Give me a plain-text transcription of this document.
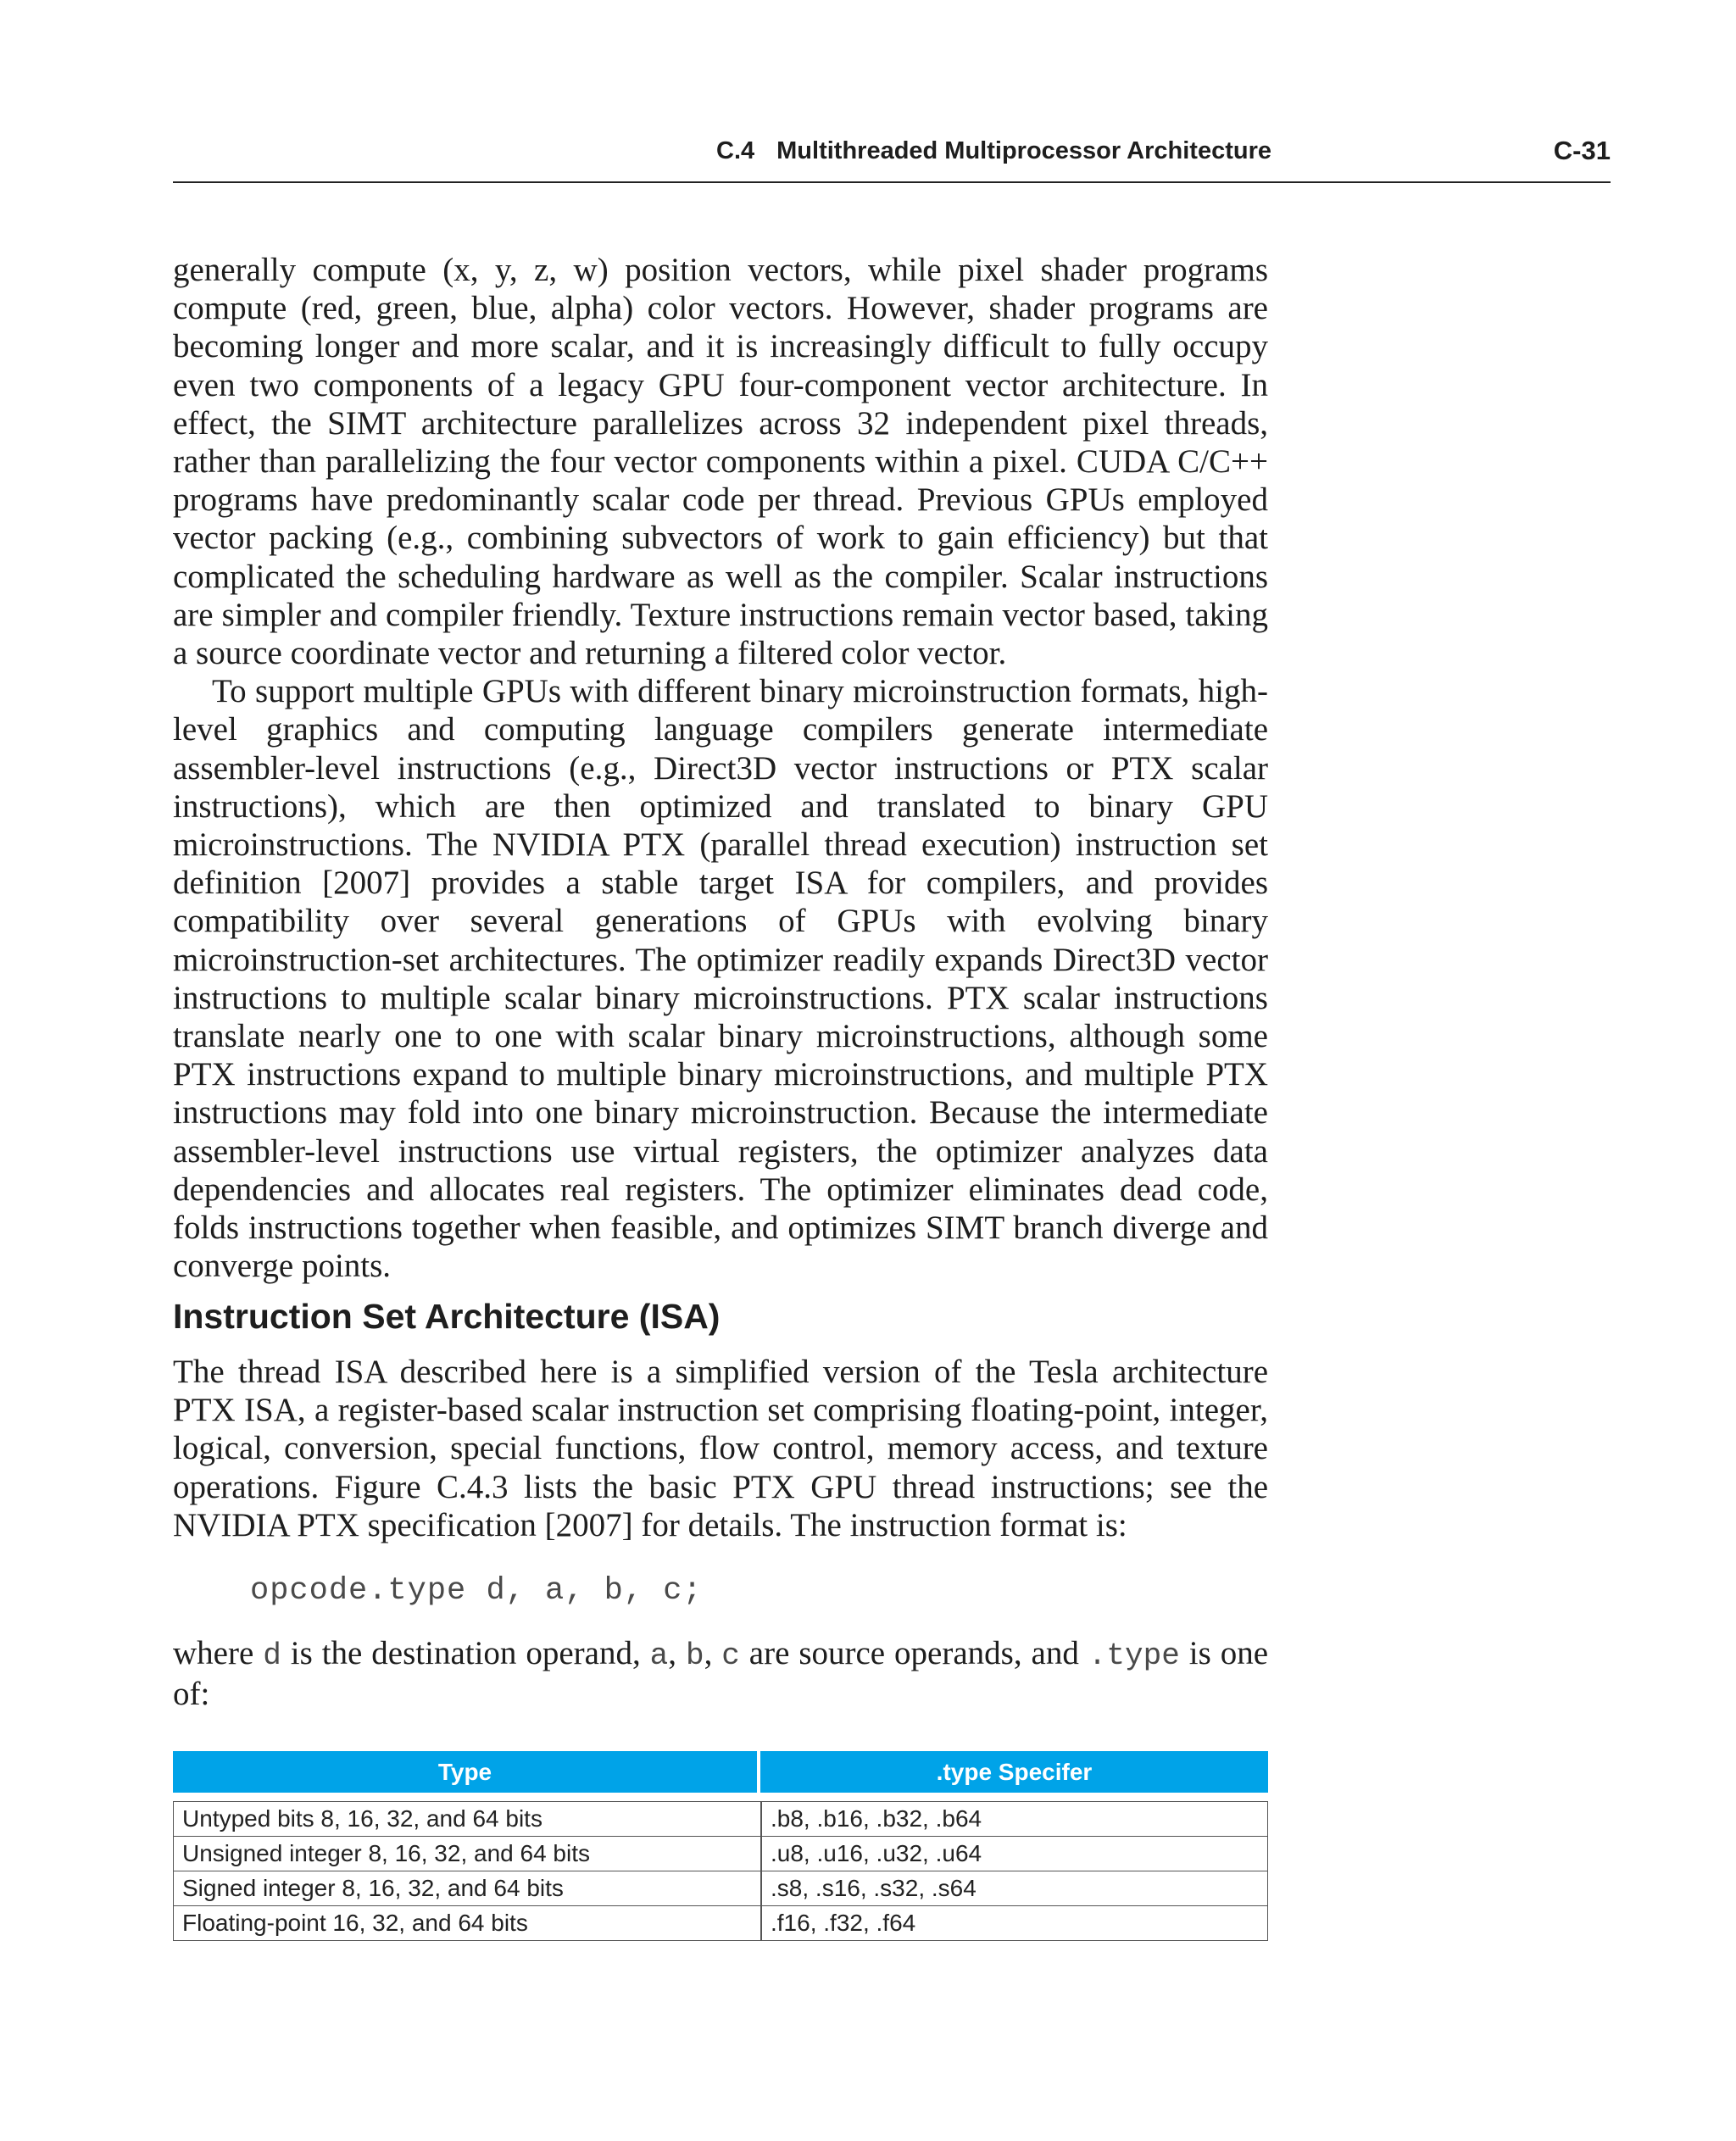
C.4 Multithreaded Multiprocessor Architecture	C-31

generally compute (x, y, z, w) position vectors, while pixel shader programs compute (red, green, blue, alpha) color vectors. However, shader programs are becoming longer and more scalar, and it is increasingly difficult to fully occupy even two components of a legacy GPU four-component vector architecture. In effect, the SIMT architecture parallelizes across 32 independent pixel threads, rather than parallelizing the four vector components within a pixel. CUDA C/C++ programs have predominantly scalar code per thread. Previous GPUs employed vector packing (e.g., combining subvectors of work to gain efficiency) but that complicated the scheduling hardware as well as the compiler. Scalar instructions are simpler and compiler friendly. Texture instructions remain vector based, taking a source coordinate vector and returning a filtered color vector.

To support multiple GPUs with different binary microinstruction formats, high-level graphics and computing language compilers generate intermediate assembler-level instructions (e.g., Direct3D vector instructions or PTX scalar instructions), which are then optimized and translated to binary GPU microinstructions. The NVIDIA PTX (parallel thread execution) instruction set definition [2007] provides a stable target ISA for compilers, and provides compatibility over several generations of GPUs with evolving binary microinstruction-set architectures. The optimizer readily expands Direct3D vector instructions to multiple scalar binary microinstructions. PTX scalar instructions translate nearly one to one with scalar binary microinstructions, although some PTX instructions expand to multiple binary microinstructions, and multiple PTX instructions may fold into one binary microinstruction. Because the intermediate assembler-level instructions use virtual registers, the optimizer analyzes data dependencies and allocates real registers. The optimizer eliminates dead code, folds instructions together when feasible, and optimizes SIMT branch diverge and converge points.

Instruction Set Architecture (ISA)

The thread ISA described here is a simplified version of the Tesla architecture PTX ISA, a register-based scalar instruction set comprising floating-point, integer, logical, conversion, special functions, flow control, memory access, and texture operations. Figure C.4.3 lists the basic PTX GPU thread instructions; see the NVIDIA PTX specification [2007] for details. The instruction format is:

opcode.type d, a, b, c;

where d is the destination operand, a, b, c are source operands, and .type is one of:

Type	.type Specifer

Untyped bits 8, 16, 32, and 64 bits	.b8, .b16, .b32, .b64
Unsigned integer 8, 16, 32, and 64 bits	.u8, .u16, .u32, .u64
Signed integer 8, 16, 32, and 64 bits	.s8, .s16, .s32, .s64
Floating-point 16, 32, and 64 bits	.f16, .f32, .f64
